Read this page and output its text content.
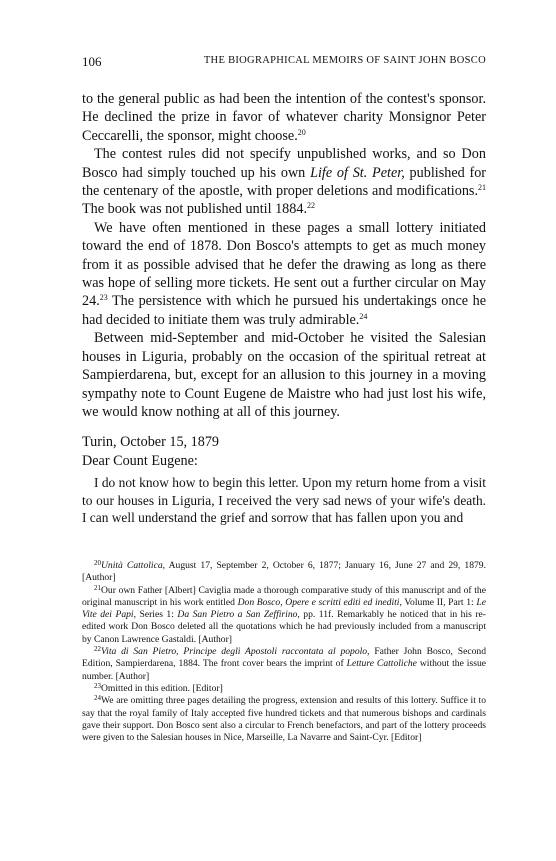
106	THE BIOGRAPHICAL MEMOIRS OF SAINT JOHN BOSCO

to the general public as had been the intention of the contest's sponsor. He declined the prize in favor of whatever charity Monsignor Peter Ceccarelli, the sponsor, might choose.$^{20}$

The contest rules did not specify unpublished works, and so Don Bosco had simply touched up his own Life of St. Peter, published for the centenary of the apostle, with proper deletions and modifications.$^{21}$ The book was not published until 1884.22

We have often mentioned in these pages a small lottery initiated toward the end of 1878. Don Bosco's attempts to get as much money from it as possible advised that he defer the drawing as long as there was hope of selling more tickets. He sent out a further circular on May 24.23 The persistence with which he pursued his undertakings once he had decided to initiate them was truly admirable.$^{24}$

Between mid-September and mid-October he visited the Salesian houses in Liguria, probably on the occasion of the spiritual retreat at Sampierdarena, but, except for an allusion to this journey in a moving sympathy note to Count Eugene de Maistre who had just lost his wife, we would know nothing at all of this journey.

Turin, October 15, 1879

Dear Count Eugene:

I do not know how to begin this letter. Upon my return home from a visit to our houses in Liguria, I received the very sad news of your wife's death. I can well understand the grief and sorrow that has fallen upon you and

$^{20}$Unità Cattolica, August 17, September 2, October 6, 1877; January 16, June 27 and 29, 1879. [Author]

$^{21}$Our own Father [Albert] Caviglia made a thorough comparative study of this manuscript and of the original manuscript in his work entitled Don Bosco, Opere e scritti editi ed inediti, Volume II, Part 1: Le Vite dei Papi, Series 1: Da San Pietro a San Zeffirino, pp. 11f. Remarkably he noticed that in his re-edited work Don Bosco deleted all the quotations which he had previously included from a manuscript by Canon Lawrence Gastaldi. [Author]

$^{22}$Vita di San Pietro, Principe degli Apostoli raccontata al popolo, Father John Bosco, Second Edition, Sampierdarena, 1884. The front cover bears the imprint of Letture Cattoliche without the issue number. [Author]

$^{23}$Omitted in this edition. [Editor]

$^{24}$We are omitting three pages detailing the progress, extension and results of this lottery. Suffice it to say that the royal family of Italy accepted five hundred tickets and that numerous bishops and cardinals gave their support. Don Bosco sent also a circular to French benefactors, and part of the lottery proceeds were given to the Salesian houses in Nice, Marseille, La Navarre and Saint-Cyr. [Editor]
